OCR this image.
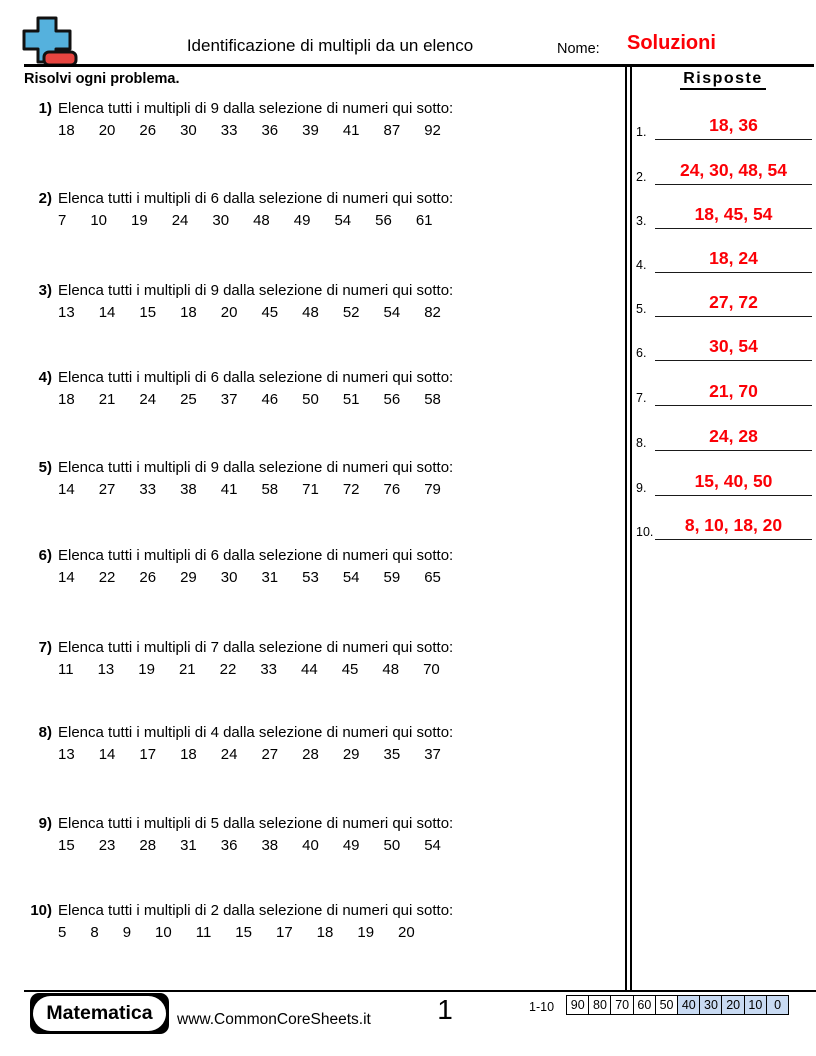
Identificazione di multipli da un elenco	Nome: Soluzioni
Risolvi ogni problema.
1) Elenca tutti i multipli di 9 dalla selezione di numeri qui sotto:
18 20 26 30 33 36 39 41 87 92
2) Elenca tutti i multipli di 6 dalla selezione di numeri qui sotto:
7 10 19 24 30 48 49 54 56 61
3) Elenca tutti i multipli di 9 dalla selezione di numeri qui sotto:
13 14 15 18 20 45 48 52 54 82
4) Elenca tutti i multipli di 6 dalla selezione di numeri qui sotto:
18 21 24 25 37 46 50 51 56 58
5) Elenca tutti i multipli di 9 dalla selezione di numeri qui sotto:
14 27 33 38 41 58 71 72 76 79
6) Elenca tutti i multipli di 6 dalla selezione di numeri qui sotto:
14 22 26 29 30 31 53 54 59 65
7) Elenca tutti i multipli di 7 dalla selezione di numeri qui sotto:
11 13 19 21 22 33 44 45 48 70
8) Elenca tutti i multipli di 4 dalla selezione di numeri qui sotto:
13 14 17 18 24 27 28 29 35 37
9) Elenca tutti i multipli di 5 dalla selezione di numeri qui sotto:
15 23 28 31 36 38 40 49 50 54
10) Elenca tutti i multipli di 2 dalla selezione di numeri qui sotto:
5 8 9 10 11 15 17 18 19 20
Risposte
1.	18, 36
2.	24, 30, 48, 54
3.	18, 45, 54
4.	18, 24
5.	27, 72
6.	30, 54
7.	21, 70
8.	24, 28
9.	15, 40, 50
10.	8, 10, 18, 20
Matematica	www.CommonCoreSheets.it	1	1-10	90 80 70 60 50 40 30 20 10 0
